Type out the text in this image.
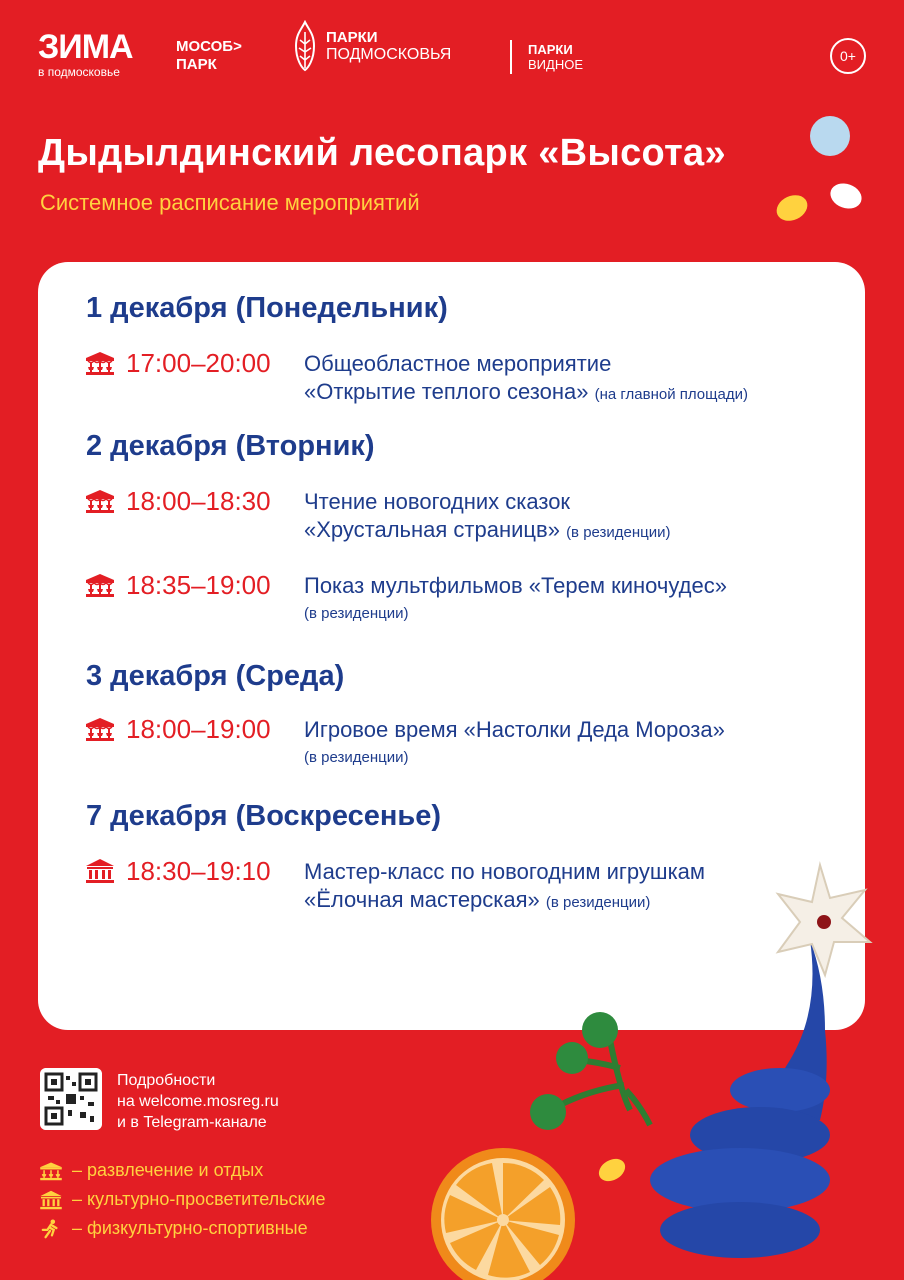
ЗИМА
в подмосковье
МОСОБ>
ПАРК
ПАРКИ
ПОДМОСКОВЬЯ	ПАРКИ
ВИДНОЕ
0+
Дыдылдинский лесопарк «Высота»
Системное расписание мероприятий
1 декабря (Понедельник)
17:00–20:00 Общеобластное мероприятие
«Открытие теплого сезона» (на главной площади)
2 декабря (Вторник)
18:00–18:30 Чтение новогодних сказок
«Хрустальная страницв» (в резиденции)
18:35–19:00 Показ мультфильмов «Терем киночудес»
(в резиденции)
3 декабря (Среда)
18:00–19:00 Игровое время «Настолки Деда Мороза»
(в резиденции)
7 декабря (Воскресенье)
18:30–19:10 Мастер-класс по новогодним игрушкам
«Ёлочная мастерская» (в резиденции)
Подробности
на welcome.mosreg.ru
и в Telegram-канале
– развлечение и отдых
– культурно-просветительские
– физкультурно-спортивные
